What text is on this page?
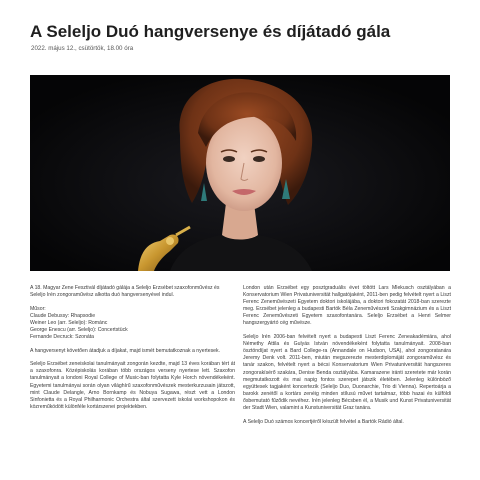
A Seleljo Duó hangversenye és díjátadó gála
2022. május 12., csütörtök, 18.00 óra

A 18. Magyar Zene Fesztivál díjátadó gálája a Seleljo Erzsébet szaxofonművész és Seleljo Irén zongoraművész alkotta duó hangversenyével indul.

Műsor:

Claude Debussy: Rhapsodie
Weiner Leo (arr. Seleljo): Románc
George Enescu (arr. Seleljo): Concertstück

Fernande Decruck: Szonáta

A hangversenyt követően átadjuk a díjakat, majd ismét bemutatkoznak a nyertesek.

Seleljo Erzsébet zeneiskolai tanulmányait zongorán kezdte, majd 13 éves korában tért át a szaxofonra. Középiskolás korában több országos verseny nyertese lett. Szaxofon tanulmányait a londoni Royal College of Music-ban folytatta Kyle Horch növendékeként. Egyetemi tanulmányai során olyan világhírű szaxofonművészek mesterkurzusain játszott, mint Claude Delangle, Arno Bornkamp és Nobuya Sugawa, részt vett a London Sinfonietta és a Royal Philharmonic Orchestra által szervezett iskolai workshopokon és közreműködött különféle kortárszenei projektekben.

London után Erzsébet egy posztgraduális évet töltött Lars Mlekusch osztályában a Konservatorium Wien Privatuniversität hallgatójaként, 2011-ben pedig felvételt nyert a Liszt Ferenc Zeneművészeti Egyetem doktori iskolájába, a doktori fokozatát 2018-ban szerezte meg. Erzsébet jelenleg a budapesti Bartók Béla Zeneművészeti Szakgimnázium és a Liszt Ferenc Zeneművészeti Egyetem szaxofontanára. Seleljo Erzsébet a Henri Selmer hangszergyártó cég művésze.

Seleljo Irén 2006-ban felvételt nyert a budapesti Liszt Ferenc Zeneakadémiára, ahol Némethy Attila és Gulyás István növendékeként folytatta tanulmányait. 2008-ban ösztöndíjat nyert a Bard College-ra (Annandale on Hudson, USA), ahol zongoratanára Jeremy Denk volt. 2011-ben, miután megszerezte mesterdiplomáját zongoraművész és tanár szakon, felvételt nyert a bécsi Konservatorium Wien Privatuniversität hangszeres zongorakísérő szakára, Denise Benda osztályába. Kamarazene iránti szeretete már korán megmutatkozott és mai napig fontos szerepet játszik életében. Jelenleg különböző együttesek tagjaként koncertezik (Seleljo Duo, Duonarchie, Trio di Vienna). Repertoárja a barokk zenétől a kortárs zenéig minden stílusú művet tartalmaz, több hazai és külföldi ősbemutató fűződik nevéhez. Irén jelenleg Bécsben él, a Musik und Kunst Privatuniversität der Stadt Wien, valamint a Kunstuniversität Graz tanára.

A Seleljo Duó számos koncertjéről készült felvétel a Bartók Rádió által.
